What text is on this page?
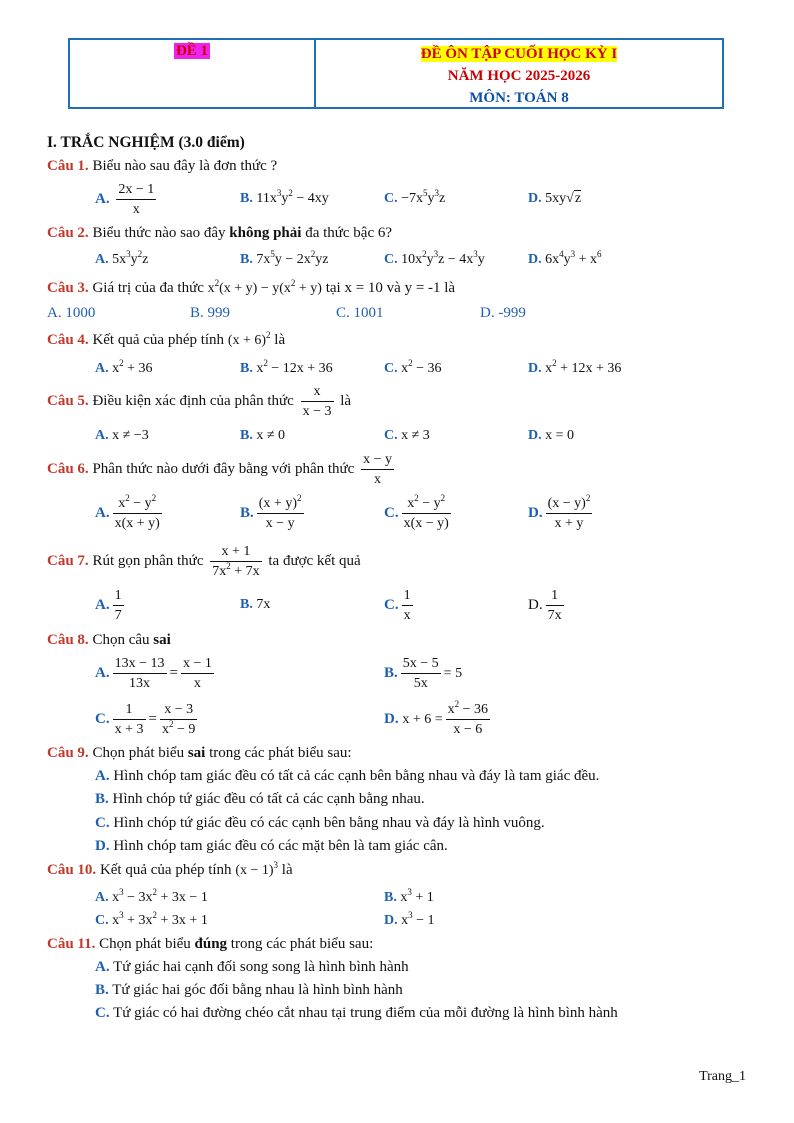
ĐỀ 1	ĐỀ ÔN TẬP CUỐI HỌC KỲ I
NĂM HỌC 2025-2026
MÔN: TOÁN 8
I. TRẮC NGHIỆM (3.0 điểm)
Câu 1. Biểu nào sau đây là đơn thức ?
A. $\frac{2x - 1}{x}$	B. $11x^3y^2 - 4xy$	C. $-7x^5y^3z$	D. 5xy√z
Câu 2. Biểu thức nào sao đây không phải đa thức bậc 6?
A. $5x^3y^2z$	B. $7x^5y - 2x^2yz$	C. $10x^2y^3z - 4x^3y$	D. $6x^4y^3 + x^6$
Câu 3. Giá trị của đa thức $x^2(x + y) - y(x^2 + y)$ tại x = 10 và y = -1 là
A. 1000	B. 999	C. 1001	D. -999
Câu 4. Kết quả của phép tính $(x + 6)^2$ là
A. $x^2 + 36$	B. $x^2 - 12x + 36$	C. $x^2 - 36$	D. $x^2 + 12x + 36$
Câu 5. Điều kiện xác định của phân thức $\frac{x}{x - 3}$ là
A. x ≠ −3	B. x ≠ 0	C. x ≠ 3	D. x = 0
Câu 6. Phân thức nào dưới đây bằng với phân thức $\frac{x - y}{x}$
A. $\frac{x^2 - y^2}{x(x + y)}$	B. $\frac{(x + y)^2}{x - y}$	C. $\frac{x^2 - y^2}{x(x - y)}$	D. $\frac{(x - y)^2}{x + y}$
Câu 7. Rút gọn phân thức $\frac{x + 1}{7x^2 + 7x}$ ta được kết quả
A. $\frac{1}{7}$	B. 7x	C. $\frac{1}{x}$	D. $\frac{1}{7x}$
Câu 8. Chọn câu sai
A. $\frac{13x - 13}{13x} = \frac{x - 1}{x}$	B. $\frac{5x - 5}{5x} = 5$
C. $\frac{1}{x + 3} = \frac{x - 3}{x^2 - 9}$	D. $x + 6 = \frac{x^2 - 36}{x - 6}$
Câu 9. Chọn phát biểu sai trong các phát biểu sau:
A. Hình chóp tam giác đều có tất cả các cạnh bên bằng nhau và đáy là tam giác đều.
B. Hình chóp tứ giác đều có tất cả các cạnh bằng nhau.
C. Hình chóp tứ giác đều có các cạnh bên bằng nhau và đáy là hình vuông.
D. Hình chóp tam giác đều có các mặt bên là tam giác cân.
Câu 10. Kết quả của phép tính $(x - 1)^3$ là
A. $x^3 - 3x^2 + 3x - 1$	B. $x^3 + 1$
C. $x^3 + 3x^2 + 3x + 1$	D. $x^3 - 1$
Câu 11. Chọn phát biểu đúng trong các phát biểu sau:
A. Tứ giác hai cạnh đối song song là hình bình hành
B. Tứ giác hai góc đối bằng nhau là hình bình hành
C. Tứ giác có hai đường chéo cắt nhau tại trung điểm của mỗi đường là hình bình hành
Trang_1
